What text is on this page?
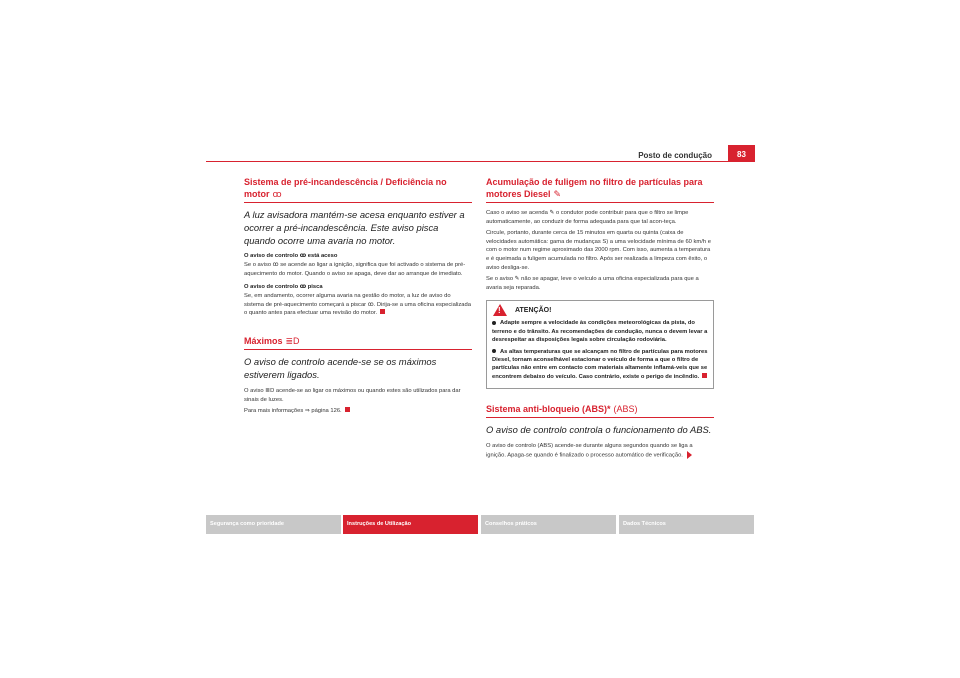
Posto de condução	83
Sistema de pré-incandescência / Deficiência no motor ꝏ
A luz avisadora mantém-se acesa enquanto estiver a ocorrer a pré-incandescência. Este aviso pisca quando ocorre uma avaria no motor.
O aviso de controlo ꝏ está aceso

Se o aviso ꝏ se acende ao ligar a ignição, significa que foi activado o sistema de pré-aquecimento do motor. Quando o aviso se apaga, deve dar ao arranque de imediato.

O aviso de controlo ꝏ pisca

Se, em andamento, ocorrer alguma avaria na gestão do motor, a luz de aviso do sistema de pré-aquecimento começará a piscar ꝏ. Dirija-se a uma oficina especializada o quanto antes para efectuar uma revisão do motor.

Máximos ≣D
O aviso de controlo acende-se se os máximos estiverem ligados.

O aviso ≣D acende-se ao ligar os máximos ou quando estes são utilizados para dar sinais de luzes.

Para mais informações ⇒ página 126.

Acumulação de fuligem no filtro de partículas para motores Diesel ✎

Caso o aviso se acenda ✎ o condutor pode contribuir para que o filtro se limpe automaticamente, ao conduzir de forma adequada para que tal acon-teça.

Circule, portanto, durante cerca de 15 minutos em quarta ou quinta (caixa de velocidades automática: gama de mudanças S) a uma velocidade mínima de 60 km/h e com o motor num regime aproximado das 2000 rpm. Com isso, aumenta a temperatura e é queimada a fuligem acumulada no filtro. Após ser realizada a limpeza com êxito, o aviso desliga-se.

Se o aviso ✎ não se apagar, leve o veículo a uma oficina especializada para que a avaria seja reparada.

!
ATENÇÃO!
Adapte sempre a velocidade às condições meteorológicas da pista, do terreno e do trânsito. As recomendações de condução, nunca o devem levar a desrespeitar as disposições legais sobre circulação rodoviária.
As altas temperaturas que se alcançam no filtro de partículas para motores Diesel, tornam aconselhável estacionar o veículo de forma a que o filtro de partículas não entre em contacto com materiais altamente inflamá-veis que se encontrem debaixo do veículo. Caso contrário, existe o perigo de incêndio.
Sistema anti-bloqueio (ABS)* (ABS)
O aviso de controlo controla o funcionamento do ABS.

O aviso de controlo (ABS) acende-se durante alguns segundos quando se liga a ignição. Apaga-se quando é finalizado o processo automático de verificação.

Segurança como prioridade	Instruções de Utilização	Conselhos práticos	Dados Técnicos
